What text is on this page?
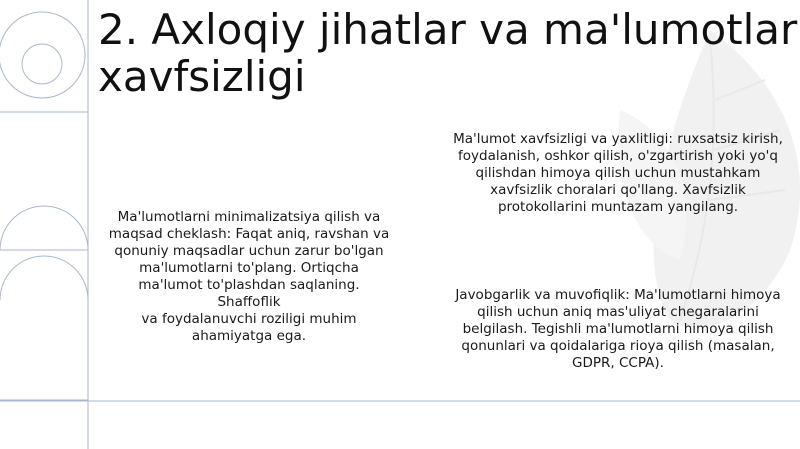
2. Axloqiy jihatlar va ma'lumotlar
xavfsizligi
Ma'lumotlarni minimalizatsiya qilish va
maqsad cheklash: Faqat aniq, ravshan va
qonuniy maqsadlar uchun zarur bo'lgan
ma'lumotlarni to'plang. Ortiqcha
ma'lumot to'plashdan saqlaning. Shaffoflik
va foydalanuvchi roziligi muhim
ahamiyatga ega.
Ma'lumot xavfsizligi va yaxlitligi: ruxsatsiz kirish,
foydalanish, oshkor qilish, o'zgartirish yoki yo'q
qilishdan himoya qilish uchun mustahkam
xavfsizlik choralari qo'llang. Xavfsizlik
protokollarini muntazam yangilang.
Javobgarlik va muvofiqlik: Ma'lumotlarni himoya
qilish uchun aniq mas'uliyat chegaralarini
belgilash. Tegishli ma'lumotlarni himoya qilish
qonunlari va qoidalariga rioya qilish (masalan,
GDPR, CCPA).
